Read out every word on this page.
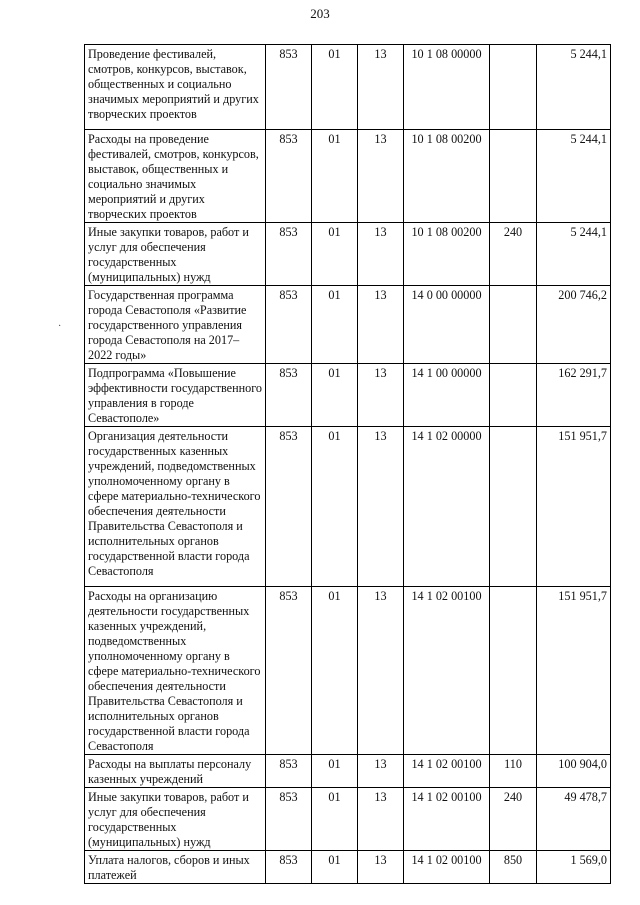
203
·
Проведение фестивалей, смотров, конкурсов, выставок, общественных и социально значимых мероприятий и других творческих проектов	853	01	13	10 1 08 00000		5 244,1
Расходы на проведение фестивалей, смотров, конкурсов, выставок, общественных и социально значимых мероприятий и других творческих проектов	853	01	13	10 1 08 00200		5 244,1
Иные закупки товаров, работ и услуг для обеспечения государственных (муниципальных) нужд	853	01	13	10 1 08 00200	240	5 244,1
Государственная программа города Севастополя «Развитие государственного управления города Севастополя на 2017–2022 годы»	853	01	13	14 0 00 00000		200 746,2
Подпрограмма «Повышение эффективности государственного управления в городе Севастополе»	853	01	13	14 1 00 00000		162 291,7
Организация деятельности государственных казенных учреждений, подведомственных уполномоченному органу в сфере материально-технического обеспечения деятельности Правительства Севастополя и исполнительных органов государственной власти города Севастополя	853	01	13	14 1 02 00000		151 951,7
Расходы на организацию деятельности государственных казенных учреждений, подведомственных уполномоченному органу в сфере материально-технического обеспечения деятельности Правительства Севастополя и исполнительных органов государственной власти города Севастополя	853	01	13	14 1 02 00100		151 951,7
Расходы на выплаты персоналу казенных учреждений	853	01	13	14 1 02 00100	110	100 904,0
Иные закупки товаров, работ и услуг для обеспечения государственных (муниципальных) нужд	853	01	13	14 1 02 00100	240	49 478,7
Уплата налогов, сборов и иных платежей	853	01	13	14 1 02 00100	850	1 569,0
